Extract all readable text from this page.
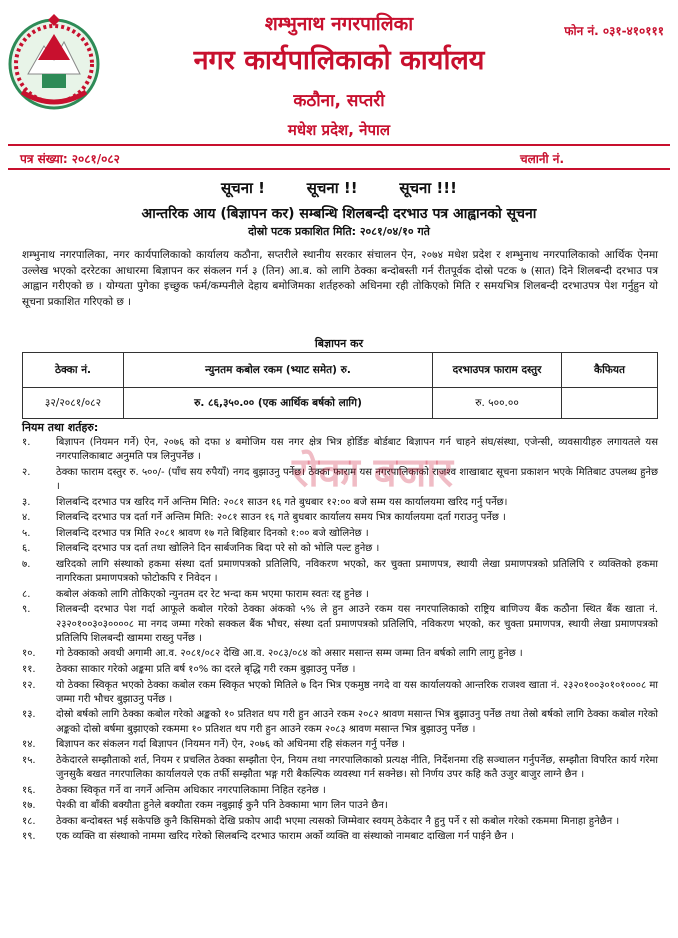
शम्भुनाथ नगरपालिका
नगर कार्यपालिकाको कार्यालय
कठौना, सप्तरी
मधेश प्रदेश, नेपाल
फोन नं. ०३१-४१०१११
पत्र संख्या: २०८१/०८२	चलानी नं.
सूचना !        सूचना !!        सूचना !!!
आन्तरिक आय (बिज्ञापन कर) सम्बन्धि शिलबन्दी दरभाउ पत्र आह्वानको सूचना
दोस्रो पटक प्रकाशित मिति: २०८१/०४/१० गते
शम्भुनाथ नगरपालिका, नगर कार्यपालिकाको कार्यालय कठौना, सप्तरीले स्थानीय सरकार संचालन ऐन, २०७४ मधेश प्रदेश र शम्भुनाथ नगरपालिकाको आर्थिक ऐनमा उल्लेख भएको दररेटका आधारमा बिज्ञापन कर संकलन गर्न ३ (तिन) आ.ब. को लागि ठेक्का बन्दोबस्ती गर्न रीतपूर्वक दोस्रो पटक ७ (सात) दिने शिलबन्दी दरभाउ पत्र आह्वान गरीएको छ । योग्यता पुगेका इच्छुक फर्म/कम्पनीले देहाय बमोजिमका शर्तहरुको अधिनमा रही तोकिएको मिति र समयभित्र शिलबन्दी दरभाउपत्र पेश गर्नुहुन यो सूचना प्रकाशित गरिएको छ ।
बिज्ञापन कर
ठेक्का नं.	न्युनतम कबोल रकम (भ्याट समेत) रु.	दरभाउपत्र फाराम दस्तुर	कैफियत
३२/२०८१/०८२	रु. ८६,३५०.०० (एक आर्थिक बर्षको लागि)	रु. ५००.००	
नियम तथा शर्तहरु:
१.	बिज्ञापन (नियमन गर्ने) ऐन, २०७६ को दफा ४ बमोजिम यस नगर क्षेत्र भित्र होर्डिङ बोर्डबाट बिज्ञापन गर्न चाहने संघ/संस्था, एजेन्सी, व्यवसायीहरु लगायतले यस नगरपालिकाबाट अनुमति पत्र लिनुपर्नेछ ।
२.	ठेक्का फाराम दस्तुर रु. ५००/- (पाँच सय रुपैयाँ) नगद बुझाउनु पर्नेछ। ठेक्का फाराम यस नगरपालिकाको राजश्व शाखाबाट सूचना प्रकाशन भएके मितिबाट उपलब्ध हुनेछ ।
३.	शिलबन्दि दरभाउ पत्र खरिद गर्ने अन्तिम मिति: २०८१ साउन १६ गते बुधबार १२:०० बजे सम्म यस कार्यालयमा खरिद गर्नु पर्नेछ।
४.	शिलबन्दि दरभाउ पत्र दर्ता गर्ने अन्तिम मिति: २०८१ साउन १६ गते बुधबार कार्यालय समय भित्र कार्यालयमा दर्ता गराउनु पर्नेछ ।
५.	शिलबन्दि दरभाउ पत्र मिति २०८१ श्रावण १७ गते बिहिबार दिनको १:०० बजे खोलिनेछ ।
६.	शिलबन्दि दरभाउ पत्र दर्ता तथा खोलिने दिन सार्बजनिक बिदा परे सो को भोलि पल्ट हुनेछ ।
७.	खरिदको लागि संस्थाको हकमा संस्था दर्ता प्रमाणपत्रको प्रतिलिपि, नविकरण भएको, कर चुक्ता प्रमाणपत्र, स्थायी लेखा प्रमाणपत्रको प्रतिलिपि र व्यक्तिको हकमा नागरिकता प्रमाणपत्रको फोटोकपि र निवेदन ।
८.	कबोल अंकको लागि तोकिएको न्युनतम दर रेट भन्दा कम भएमा फाराम स्वतः रद्द हुनेछ ।
९.	शिलबन्दी दरभाउ पेश गर्दा आफूले कबोल गरेको ठेक्का अंकको ५% ले हुन आउने रकम यस नगरपालिकाको राष्ट्रिय बाणिज्य बैंक कठौना स्थित बैंक खाता नं. २३२०१००३०३००००८ मा नगद जम्मा गरेको सक्कल बैंक भौचर, संस्था दर्ता प्रमाणपत्रको प्रतिलिपि, नविकरण भएको, कर चुक्ता प्रमाणपत्र, स्थायी लेखा प्रमाणपत्रको प्रतिलिपि शिलबन्दी खाममा राख्नु पर्नेछ ।
१०.	गो ठेक्काको अवधी अगामी आ.व. २०८१/०८२ देखि आ.व. २०८३/०८४ को असार मसान्त सम्म जम्मा तिन बर्षको लागि लागु हुनेछ ।
११.	ठेक्का साकार गरेको अङ्कमा प्रति बर्ष १०% का दरले बृद्धि गरी रकम बुझाउनु पर्नेछ ।
१२.	यो ठेक्का स्विकृत भएको ठेक्का कबोल रकम स्विकृत भएको मितिले ७ दिन भित्र एकमुष्ठ नगदे वा यस कार्यालयको आन्तरिक राजश्व खाता नं. २३२०१००३०१०१०००८ मा जम्मा गरी भौचर बुझाउनु पर्नेछ ।
१३.	दोस्रो बर्षको लागि ठेक्का कबोल गरेको अङ्कको १० प्रतिशत थप गरी हुन आउने रकम २०८२ श्रावण मसान्त भित्र बुझाउनु पर्नेछ तथा तेस्रो बर्षको लागि ठेक्का कबोल गरेको अङ्कको दोस्रो बर्षमा बुझाएको रकममा १० प्रतिशत थप गरी हुन आउने रकम २०८३ श्रावण मसान्त भित्र बुझाउनु पर्नेछ ।
१४.	बिज्ञापन कर संकलन गर्दा बिज्ञापन (नियमन गर्ने) ऐन, २०७६ को अधिनमा रहि संकलन गर्नु पर्नेछ ।
१५.	ठेकेदारले सम्झौताको शर्त, नियम र प्रचलित ठेक्का सम्झौता ऐन, नियम तथा नगरपालिकाको प्रत्यक्ष नीति, निर्देशनमा रहि सञ्चालन गर्नुपर्नेछ, सम्झौता विपरित कार्य गरेमा जुनसुकै बखत नगरपालिका कार्यालयले एक तर्फी सम्झौता भङ्ग गरी बैकल्पिक व्यवस्था गर्न सक्नेछ। सो निर्णय उपर कहि कतै उजुर बाजुर लाग्ने छैन ।
१६.	ठेक्का स्विकृत गर्ने वा नगर्ने अन्तिम अधिकार नगरपालिकामा निहित रहनेछ ।
१७.	पेश्की वा बाँकी बक्यौता हुनेले बक्यौता रकम नबुझाई कुनै पनि ठेक्कामा भाग लिन पाउने छैन।
१८.	ठेक्का बन्दोबस्त भई सकेपछि कुनै किसिमको देखि प्रकोप आदी भएमा त्यसको जिम्मेवार स्वयम् ठेकेदार नै हुनु पर्ने र सो कबोल गरेको रकममा मिनाहा हुनेछैन ।
१९.	एक व्यक्ति वा संस्थाको नाममा खरिद गरेको सिलबन्दि दरभाउ फाराम अर्को व्यक्ति वा संस्थाको नामबाट दाखिला गर्न पाईने छैन ।
रोका बजार
